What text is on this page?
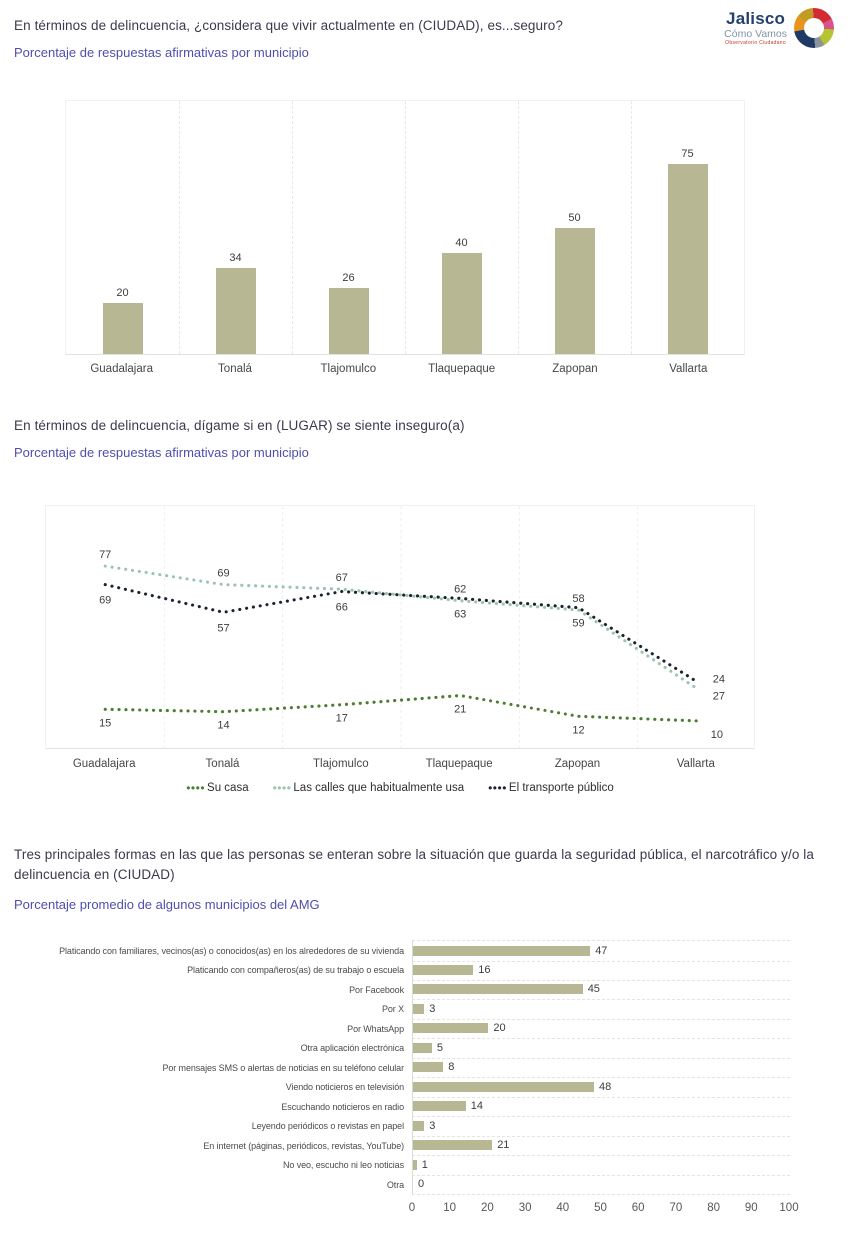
En términos de delincuencia, ¿considera que vivir actualmente en (CIUDAD), es...seguro?

Porcentaje de respuestas afirmativas por municipio

Jalisco
Cómo Vamos
Observatorio Ciudadano
20
34
26
40
50
75
Guadalajara	Tonalá	Tlajomulco	Tlaquepaque	Zapopan	Vallarta

En términos de delincuencia, dígame si en (LUGAR) se siente inseguro(a)

Porcentaje de respuestas afirmativas por municipio

15	14
17
21
12	10
77
69	67
62
58
24
69
57
66
63
59
27
Guadalajara	Tonalá	Tlajomulco	Tlaquepaque	Zapopan	Vallarta
•••• Su casa •••• Las calles que habitualmente usa •••• El transporte público

Tres principales formas en las que las personas se enteran sobre la situación que guarda la seguridad pública, el narcotráfico y/o la delincuencia en (CIUDAD)

Porcentaje promedio de algunos municipios del AMG

Platicando con familiares, vecinos(as) o conocidos(as) en los alrededores de su vivienda	47
Platicando con compañeros(as) de su trabajo o escuela	16
Por Facebook	45
Por X	3
Por WhatsApp	20
Otra aplicación electrónica	5
Por mensajes SMS o alertas de noticias en su teléfono celular	8
Viendo noticieros en televisión	48
Escuchando noticieros en radio	14
Leyendo periódicos o revistas en papel	3
En internet (páginas, periódicos, revistas, YouTube)	21
No veo, escucho ni leo noticias	1
Otra	0
0 10 20 30 40 50 60 70 80 90 100
